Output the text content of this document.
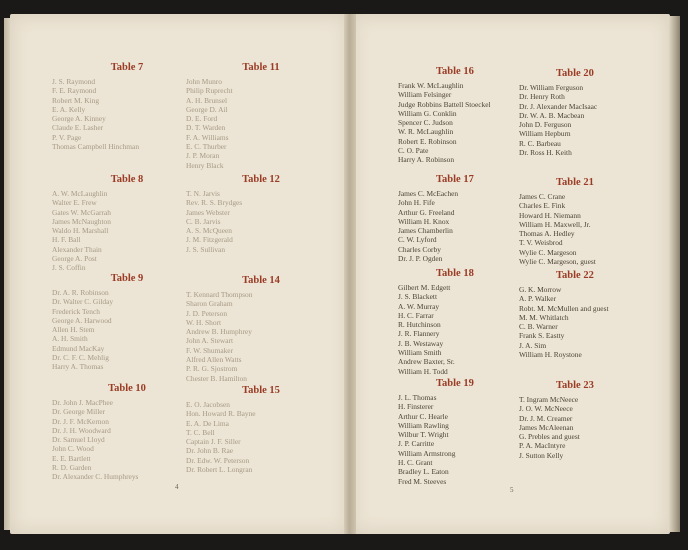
Table 7

J. S. Raymond
F. E. Raymond
Robert M. King
E. A. Kelly
George A. Kinney
Claude E. Lasher
P. V. Page
Thomas Campbell Hinchman

Table 11

John Munro
Philip Ruprecht
A. H. Brunsel
George D. Ail
D. E. Ford
D. T. Warden
F. A. Williams
E. C. Thurber
J. P. Moran
Henry Black

Table 8

A. W. McLaughlin
Walter E. Frew
Gates W. McGarrah
James McNaughton
Waldo H. Marshall
H. F. Ball
Alexander Thain
George A. Post
J. S. Coffin

Table 12

T. N. Jarvis
Rev. R. S. Brydges
James Webster
C. B. Jarvis
A. S. McQueen
J. M. Fitzgerald
J. S. Sullivan

Table 9

Dr. A. R. Robinson
Dr. Walter C. Gilday
Frederick Tench
George A. Harwood
Allen H. Stem
A. H. Smith
Edmund MacKay
Dr. C. F. C. Mehlig
Harry A. Thomas

Table 14

T. Kennard Thompson
Sharon Graham
J. D. Peterson
W. H. Short
Andrew B. Humphrey
John A. Stewart
F. W. Shumaker
Alfred Allen Watts
P. R. G. Sjostrom
Chester B. Hamilton

Table 10

Dr. John J. MacPhee
Dr. George Miller
Dr. J. F. McKernon
Dr. J. H. Woodward
Dr. Samuel Lloyd
John C. Wood
E. E. Bartlett
R. D. Garden
Dr. Alexander C. Humphreys

Table 15

E. O. Jacobsen
Hon. Howard R. Bayne
E. A. De Lima
T. C. Bell
Captain J. F. Siller
Dr. John B. Rae
Dr. Edw. W. Peterson
Dr. Robert L. Longran
4

Table 16

Frank W. McLaughlin
William Felsinger
Judge Robbins Battell Stoeckel
William G. Conklin
Spencer C. Judson
W. R. McLaughlin
Robert E. Robinson
C. O. Pate
Harry A. Robinson

Table 20

Dr. William Ferguson
Dr. Henry Roth
Dr. J. Alexander MacIsaac
Dr. W. A. B. Macbean
John D. Ferguson
William Hepburn
R. C. Barbeau
Dr. Ross H. Keith

Table 17

James C. McEachen
John H. Fife
Arthur G. Freeland
William H. Knox
James Chamberlin
C. W. Lyford
Charles Corby
Dr. J. P. Ogden

Table 21

James C. Crane
Charles E. Fink
Howard H. Niemann
William H. Maxwell, Jr.
Thomas A. Hedley
T. V. Weisbrod
Wylie C. Margeson
Wylie C. Margeson, guest

Table 18

Gilbert M. Edgett
J. S. Blackett
A. W. Murray
H. C. Farrar
R. Hutchinson
J. R. Flannery
J. B. Westaway
William Smith
Andrew Baxter, Sr.
William H. Todd

Table 22

G. K. Morrow
A. P. Walker
Robt. M. McMullen and guest
M. M. Whitlatch
C. B. Warner
Frank S. Eastty
J. A. Sim
William H. Roystone

Table 19

J. L. Thomas
H. Finsterer
Arthur C. Hearle
William Rawling
Wilbur T. Wright
J. P. Carritte
William Armstrong
H. C. Grant
Bradley L. Eaton
Fred M. Steeves

Table 23

T. Ingram McNeece
J. O. W. McNeece
Dr. J. M. Creamer
James McAleenan
G. Prebles and guest
P. A. MacIntyre
J. Sutton Kelly
5
